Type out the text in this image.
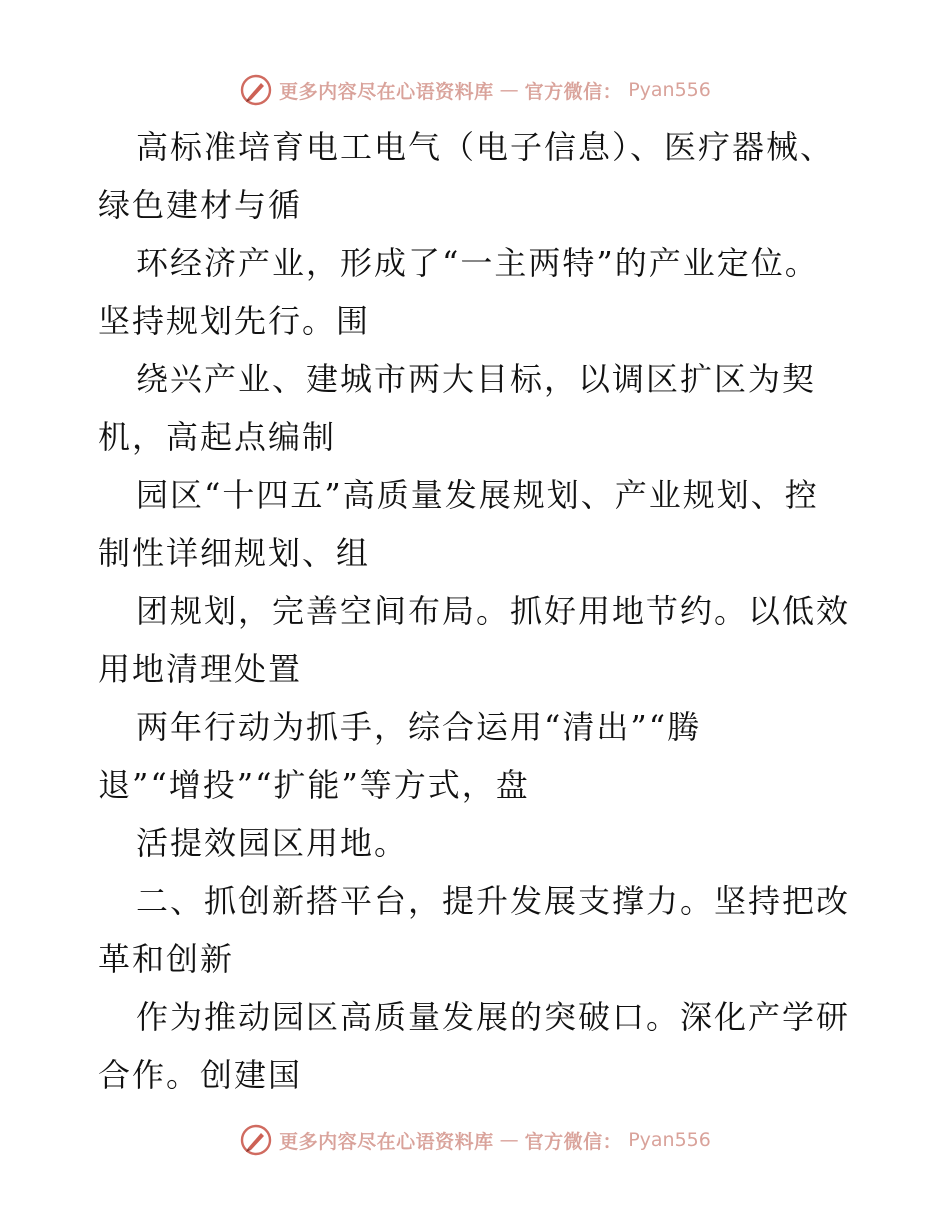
更多内容尽在心语资料库 — 官方微信： Pyan556

高标准培育电工电气（电子信息）、医疗器械、
绿色建材与循

环经济产业，形成了“一主两特”的产业定位。
坚持规划先行。围

绕兴产业、建城市两大目标，以调区扩区为契
机，高起点编制

园区“十四五”高质量发展规划、产业规划、控
制性详细规划、组

团规划，完善空间布局。抓好用地节约。以低效
用地清理处置

两年行动为抓手，综合运用“清出”“腾
退”“增投”“扩能”等方式，盘

活提效园区用地。

二、抓创新搭平台，提升发展支撑力。坚持把改
革和创新

作为推动园区高质量发展的突破口。深化产学研
合作。创建国

更多内容尽在心语资料库 — 官方微信： Pyan556
